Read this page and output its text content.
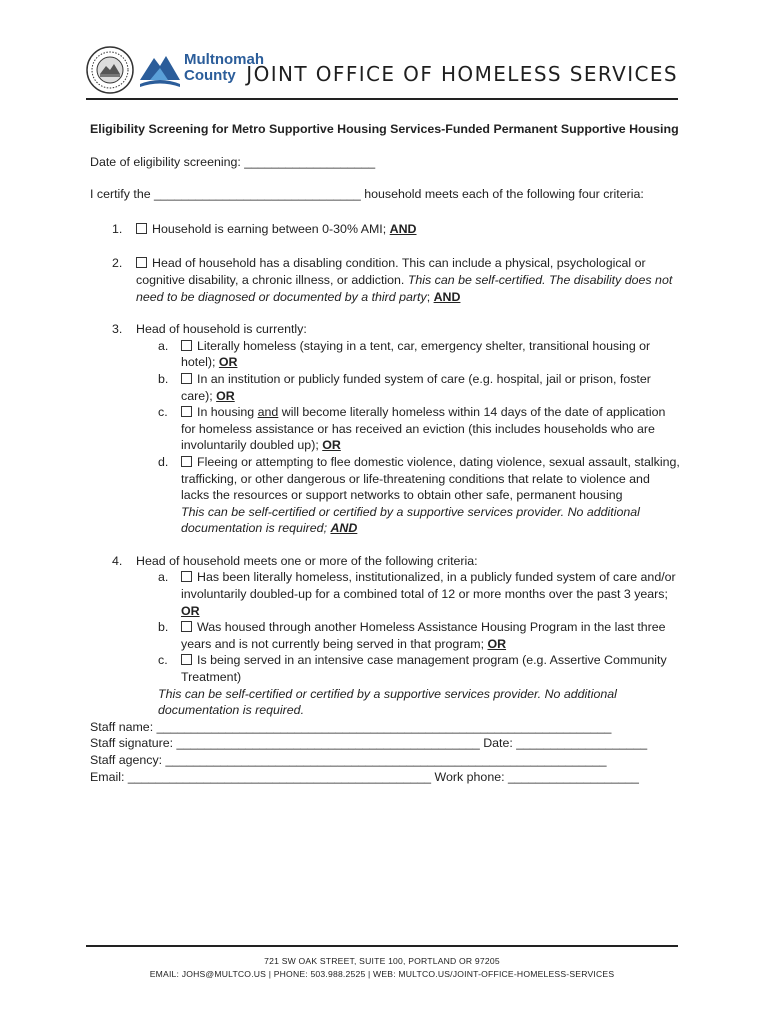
Multnomah
County JOINT OFFICE OF HOMELESS SERVICES

Eligibility Screening for Metro Supportive Housing Services-Funded Permanent Supportive Housing

Date of eligibility screening: ___________________

I certify the ______________________________ household meets each of the following four criteria:

1. Household is earning between 0-30% AMI; AND
2. Head of household has a disabling condition. This can include a physical, psychological or cognitive disability, a chronic illness, or addiction. This can be self-certified. The disability does not need to be diagnosed or documented by a third party; AND
3. Head of household is currently:
a. Literally homeless (staying in a tent, car, emergency shelter, transitional housing or hotel); OR
b. In an institution or publicly funded system of care (e.g. hospital, jail or prison, foster care); OR
c. In housing and will become literally homeless within 14 days of the date of application for homeless assistance or has received an eviction (this includes households who are involuntarily doubled up); OR
d. Fleeing or attempting to flee domestic violence, dating violence, sexual assault, stalking, trafficking, or other dangerous or life-threatening conditions that relate to violence and lacks the resources or support networks to obtain other safe, permanent housing

This can be self-certified or certified by a supportive services provider. No additional documentation is required; AND

4. Head of household meets one or more of the following criteria:
a. Has been literally homeless, institutionalized, in a publicly funded system of care and/or involuntarily doubled-up for a combined total of 12 or more months over the past 3 years; OR
b. Was housed through another Homeless Assistance Housing Program in the last three years and is not currently being served in that program; OR
c. Is being served in an intensive case management program (e.g. Assertive Community Treatment)

This can be self-certified or certified by a supportive services provider. No additional documentation is required.

Staff name: __________________________________________________________________

Staff signature: ____________________________________________ Date: ___________________

Staff agency: ________________________________________________________________

Email: ____________________________________________ Work phone: ___________________

721 SW OAK STREET, SUITE 100, PORTLAND OR 97205
EMAIL: JOHS@MULTCO.US | PHONE: 503.988.2525 | WEB: MULTCO.US/JOINT-OFFICE-HOMELESS-SERVICES
